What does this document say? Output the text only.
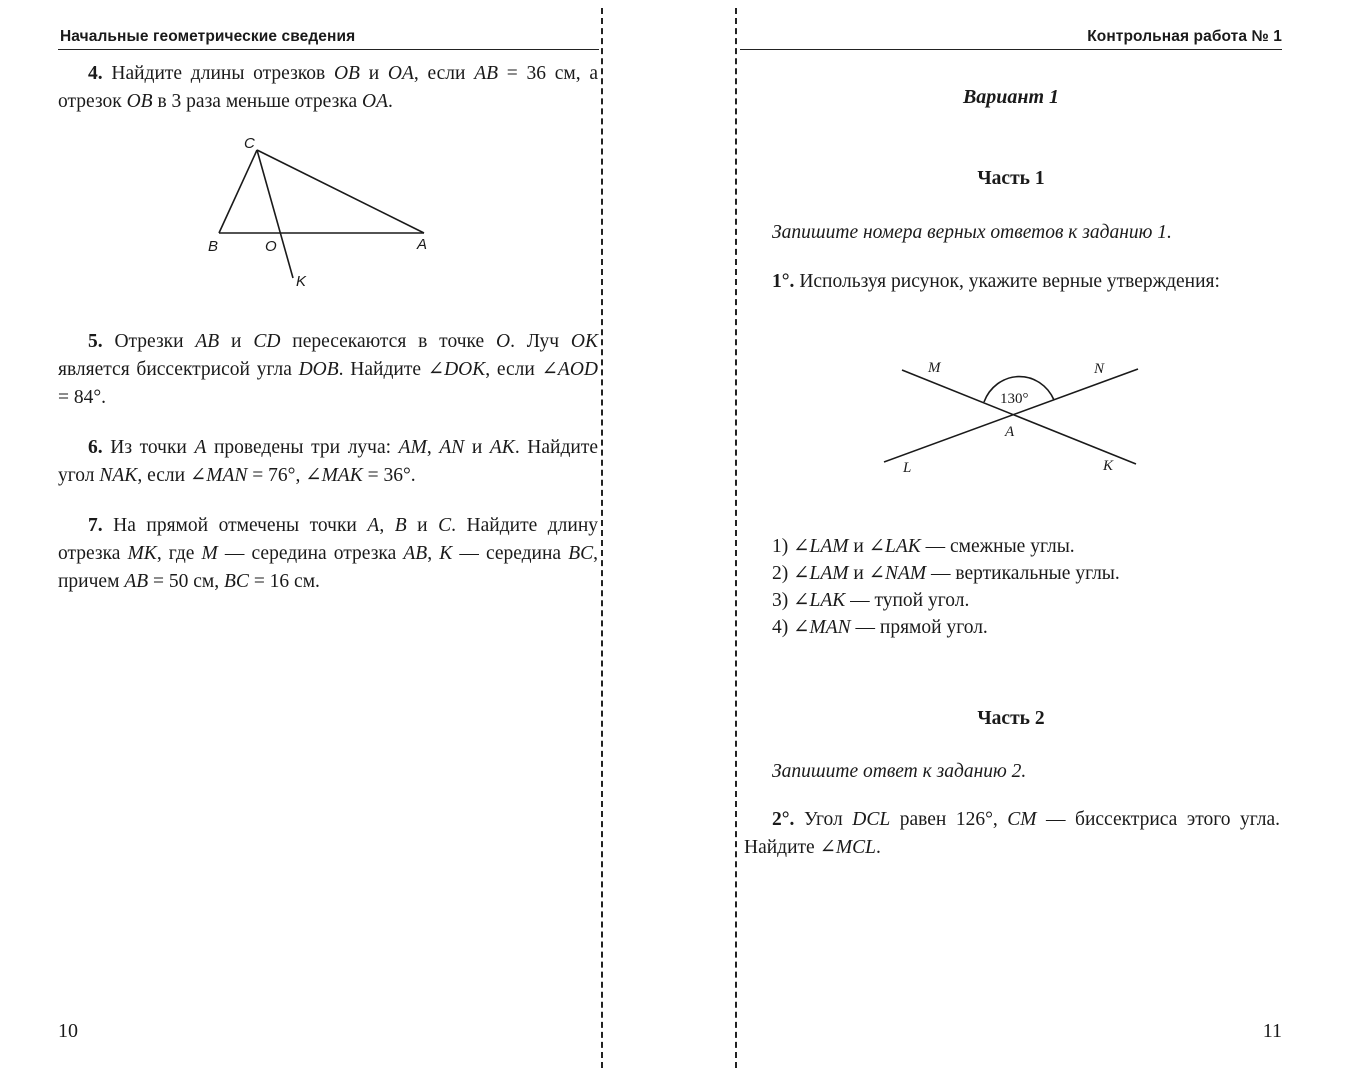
Начальные геометрические сведения

4. Найдите длины отрезков OB и OA, если AB = 36 см, а отрезок OB в 3 раза меньше отрезка OA.

C
B	O	A
K

5. Отрезки AB и CD пересекаются в точке O. Луч OK является биссектрисой угла DOB. Найдите ∠DOK, если ∠AOD = 84°.

6. Из точки A проведены три луча: AM, AN и AK. Найдите угол NAK, если ∠MAN = 76°, ∠MAK = 36°.

7. На прямой отмечены точки A, B и C. Найдите длину отрезка MK, где M — середина отрезка AB, K — середина BC, причем AB = 50 см, BC = 16 см.

10
Контрольная работа № 1
Вариант 1
Часть 1
Запишите номера верных ответов к заданию 1.

1°. Используя рисунок, укажите верные утверждения:

M	N
130°
A
L	K
1) ∠LAM и ∠LAK — смежные углы.
2) ∠LAM и ∠NAM — вертикальные углы.
3) ∠LAK — тупой угол.
4) ∠MAN — прямой угол.
Часть 2
Запишите ответ к заданию 2.

2°. Угол DCL равен 126°, CM — биссектриса этого угла. Найдите ∠MCL.

11
